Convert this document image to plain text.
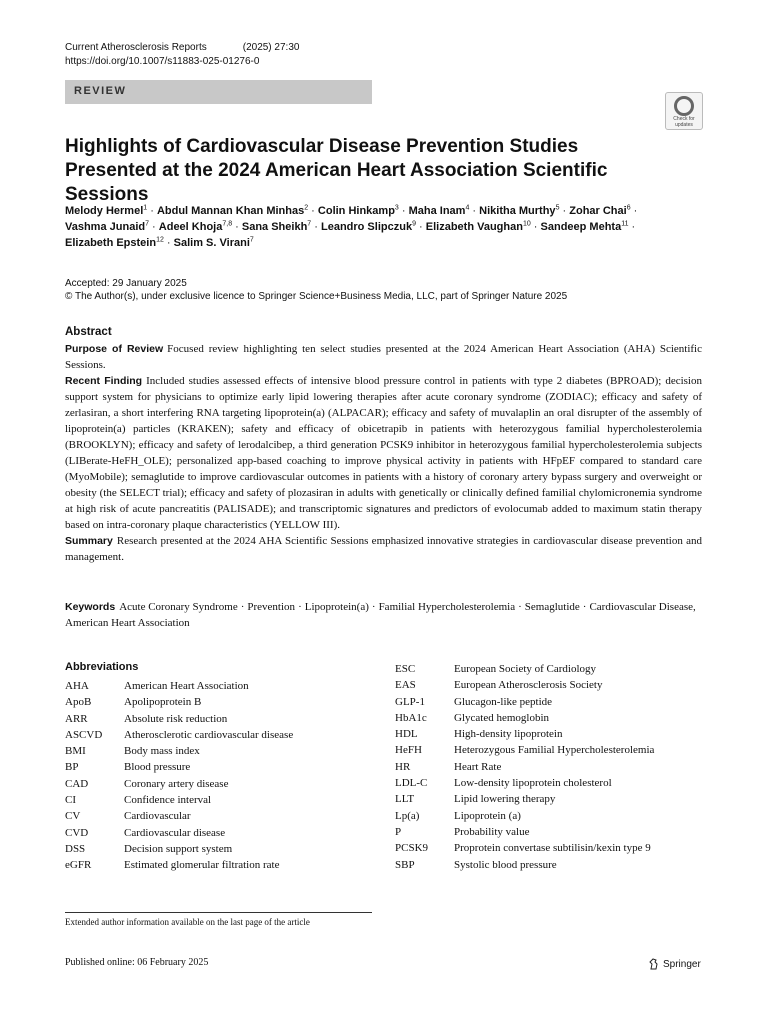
Current Atherosclerosis Reports	(2025) 27:30
https://doi.org/10.1007/s11883-025-01276-0
REVIEW
Check for
updates
Highlights of Cardiovascular Disease Prevention Studies Presented at the 2024 American Heart Association Scientific Sessions
Melody Hermel$^1$ · Abdul Mannan Khan Minhas$^2$ · Colin Hinkamp$^3$ · Maha Inam$^4$ · Nikitha Murthy$^5$ · Zohar Chai$^6$ · Vashma Junaid$^7$ · Adeel Khoja$^{7,8}$ · Sana Sheikh$^7$ · Leandro Slipczuk$^9$ · Elizabeth Vaughan$^{10}$ · Sandeep Mehta$^{11}$ · Elizabeth Epstein$^{12}$ · Salim S. Virani$^7$
Accepted: 29 January 2025
© The Author(s), under exclusive licence to Springer Science+Business Media, LLC, part of Springer Nature 2025
Abstract

Purpose of Review Focused review highlighting ten select studies presented at the 2024 American Heart Association (AHA) Scientific Sessions.

Recent Finding Included studies assessed effects of intensive blood pressure control in patients with type 2 diabetes (BPROAD); decision support system for physicians to optimize early lipid lowering therapies after acute coronary syndrome (ZODIAC); efficacy and safety of zerlasiran, a short interfering RNA targeting lipoprotein(a) (ALPACAR); efficacy and safety of muvalaplin an oral disrupter of the assembly of lipoprotein(a) particles (KRAKEN); safety and efficacy of obicetrapib in patients with heterozygous familial hypercholesterolemia (BROOKLYN); efficacy and safety of lerodalcibep, a third generation PCSK9 inhibitor in heterozygous familial hypercholesterolemia subjects (LIBerate-HeFH_OLE); personalized app-based coaching to improve physical activity in patients with HFpEF compared to standard care (MyoMobile); semaglutide to improve cardiovascular outcomes in patients with a history of coronary artery bypass surgery and overweight or obesity (the SELECT trial); efficacy and safety of plozasiran in adults with genetically or clinically defined familial chylomicronemia syndrome at high risk of acute pancreatitis (PALISADE); and transcriptomic signatures and predictors of evolocumab added to maximum statin therapy based on intra-coronary plaque characteristics (YELLOW III).

Summary Research presented at the 2024 AHA Scientific Sessions emphasized innovative strategies in cardiovascular disease prevention and management.

Keywords Acute Coronary Syndrome · Prevention · Lipoprotein(a) · Familial Hypercholesterolemia · Semaglutide · Cardiovascular Disease, American Heart Association
Abbreviations
AHA	American Heart Association
ApoB	Apolipoprotein B
ARR	Absolute risk reduction
ASCVD	Atherosclerotic cardiovascular disease
BMI	Body mass index
BP	Blood pressure
CAD	Coronary artery disease
CI	Confidence interval
CV	Cardiovascular
CVD	Cardiovascular disease
DSS	Decision support system
eGFR	Estimated glomerular filtration rate
ESC	European Society of Cardiology
EAS	European Atherosclerosis Society
GLP-1	Glucagon-like peptide
HbA1c	Glycated hemoglobin
HDL	High-density lipoprotein
HeFH	Heterozygous Familial Hypercholesterolemia
HR	Heart Rate
LDL-C	Low-density lipoprotein cholesterol
LLT	Lipid lowering therapy
Lp(a)	Lipoprotein (a)
P	Probability value
PCSK9	Proprotein convertase subtilisin/kexin type 9
SBP	Systolic blood pressure
Extended author information available on the last page of the article
Published online: 06 February 2025	Springer
